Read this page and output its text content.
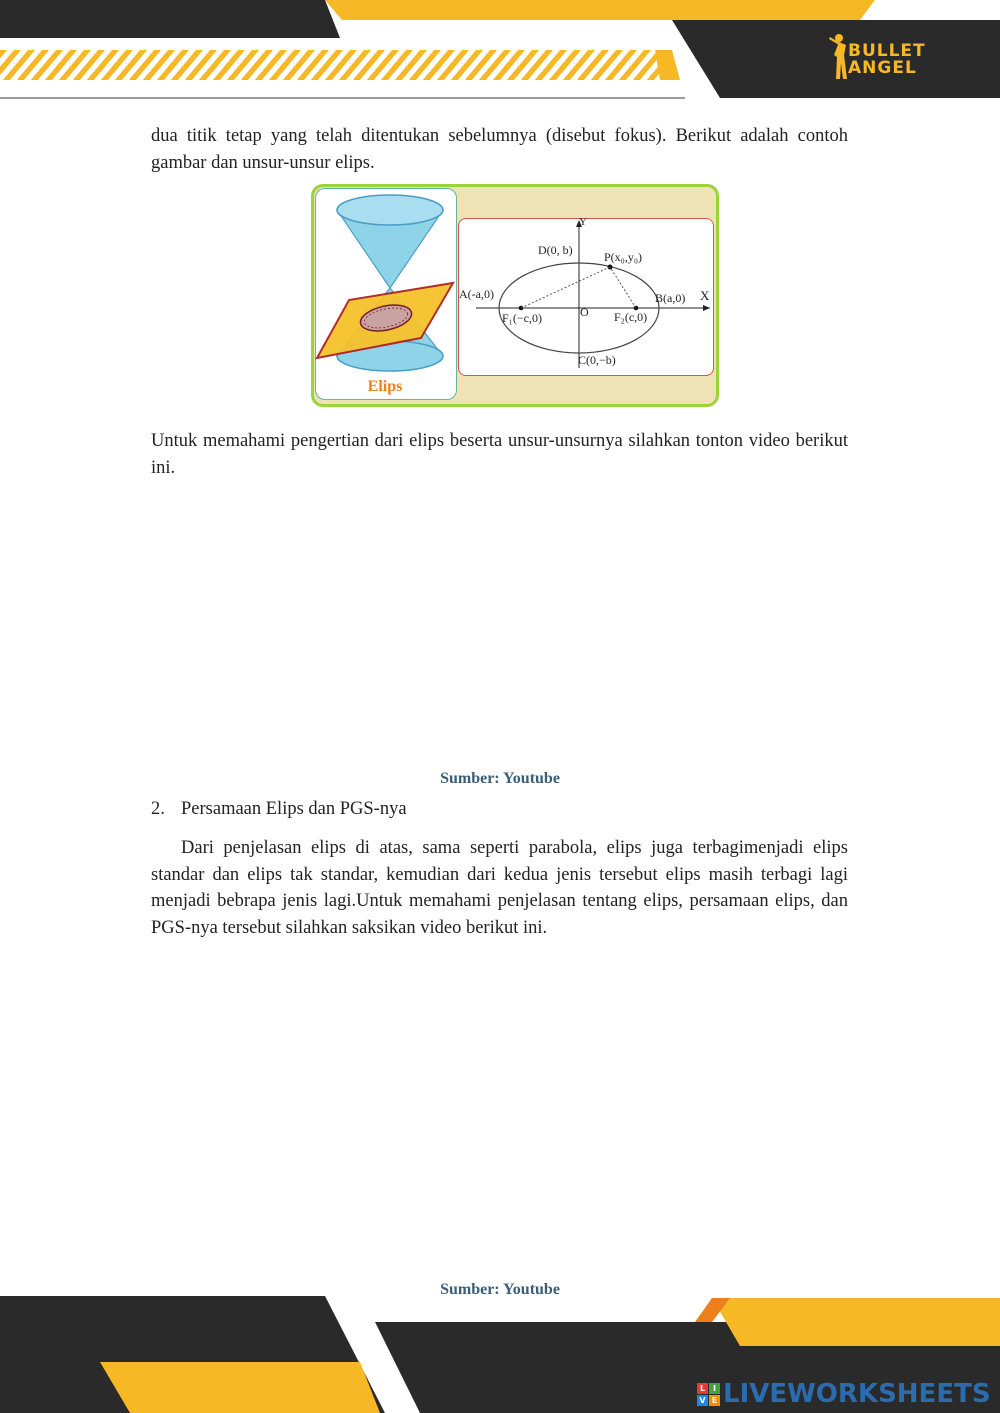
BULLET
ANGEL

dua titik tetap yang telah ditentukan sebelumnya (disebut fokus). Berikut adalah contoh gambar dan unsur-unsur elips.

Elips
Y
X
D(0, b)	P(x₀,y₀)
A(-a,0)	B(a,0)
O
F₁(−c,0)	F₂(c,0)
C(0,−b)

Untuk memahami pengertian dari elips beserta unsur-unsurnya silahkan tonton video berikut ini.

Sumber: Youtube
2. Persamaan Elips dan PGS-nya

Dari penjelasan elips di atas, sama seperti parabola, elips juga terbagimenjadi elips standar dan elips tak standar, kemudian dari kedua jenis tersebut elips masih terbagi lagi menjadi bebrapa jenis lagi.Untuk memahami penjelasan tentang elips, persamaan elips, dan PGS-nya tersebut silahkan saksikan video berikut ini.

Sumber: Youtube
L I
V E LIVEWORKSHEETS
